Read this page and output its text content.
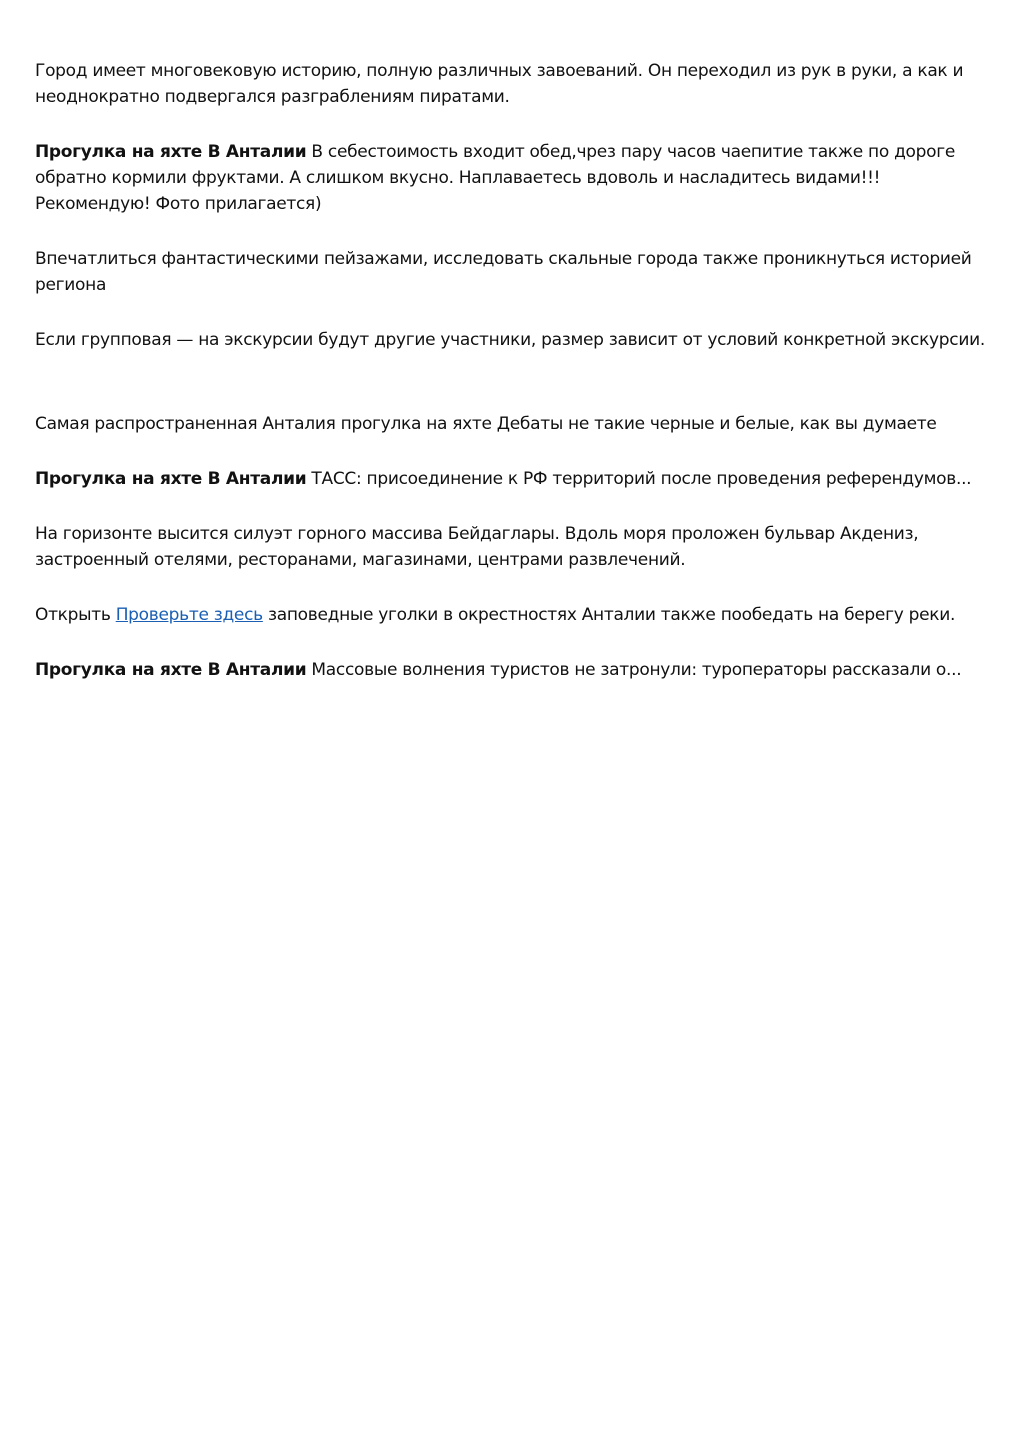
Город имеет многовековую историю, полную различных завоеваний. Он переходил из рук в руки, а как и неоднократно подвергался разграблениям пиратами.

Прогулка на яхте В Анталии В себестоимость входит обед,чрез пару часов чаепитие также по дороге обратно кормили фруктами. А слишком вкусно. Наплаваетесь вдоволь и насладитесь видами!!! Рекомендую! Фото прилагается)

Впечатлиться фантастическими пейзажами, исследовать скальные города также проникнуться историей региона

Если групповая — на экскурсии будут другие участники, размер зависит от условий конкретной экскурсии.

Самая распространенная Анталия прогулка на яхте Дебаты не такие черные и белые, как вы думаете

Прогулка на яхте В Анталии ТАСС: присоединение к РФ территорий после проведения референдумов...

На горизонте высится силуэт горного массива Бейдаглары. Вдоль моря проложен бульвар Акдениз, застроенный отелями, ресторанами, магазинами, центрами развлечений.

Открыть Проверьте здесь заповедные уголки в окрестностях Анталии также пообедать на берегу реки.

Прогулка на яхте В Анталии Массовые волнения туристов не затронули: туроператоры рассказали о...
